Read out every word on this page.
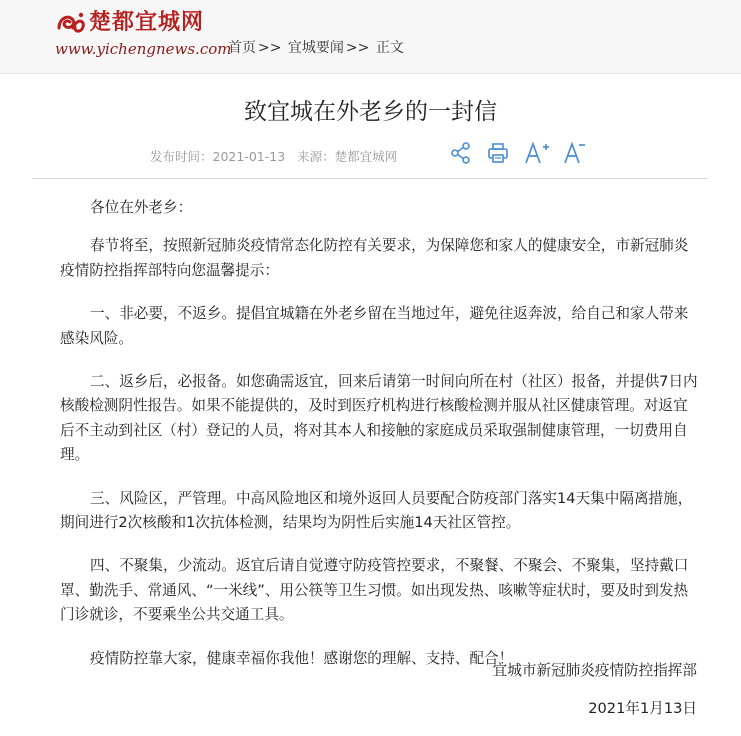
楚都宜城网
www.yichengnews.com
首页 >> 宜城要闻 >> 正文
致宜城在外老乡的一封信
发布时间：2021-01-13 来源：楚都宜城网

各位在外老乡：

春节将至，按照新冠肺炎疫情常态化防控有关要求，为保障您和家人的健康安全，市新冠肺炎疫情防控指挥部特向您温馨提示：

一、非必要，不返乡。提倡宜城籍在外老乡留在当地过年，避免往返奔波，给自己和家人带来感染风险。

二、返乡后，必报备。如您确需返宜，回来后请第一时间向所在村（社区）报备，并提供7日内核酸检测阴性报告。如果不能提供的，及时到医疗机构进行核酸检测并服从社区健康管理。对返宜后不主动到社区（村）登记的人员，将对其本人和接触的家庭成员采取强制健康管理，一切费用自理。

三、风险区，严管理。中高风险地区和境外返回人员要配合防疫部门落实14天集中隔离措施，期间进行2次核酸和1次抗体检测，结果均为阴性后实施14天社区管控。

四、不聚集，少流动。返宜后请自觉遵守防疫管控要求，不聚餐、不聚会、不聚集，坚持戴口罩、勤洗手、常通风、“一米线”、用公筷等卫生习惯。如出现发热、咳嗽等症状时，要及时到发热门诊就诊，不要乘坐公共交通工具。

疫情防控靠大家，健康幸福你我他！感谢您的理解、支持、配合！

宜城市新冠肺炎疫情防控指挥部
2021年1月13日
